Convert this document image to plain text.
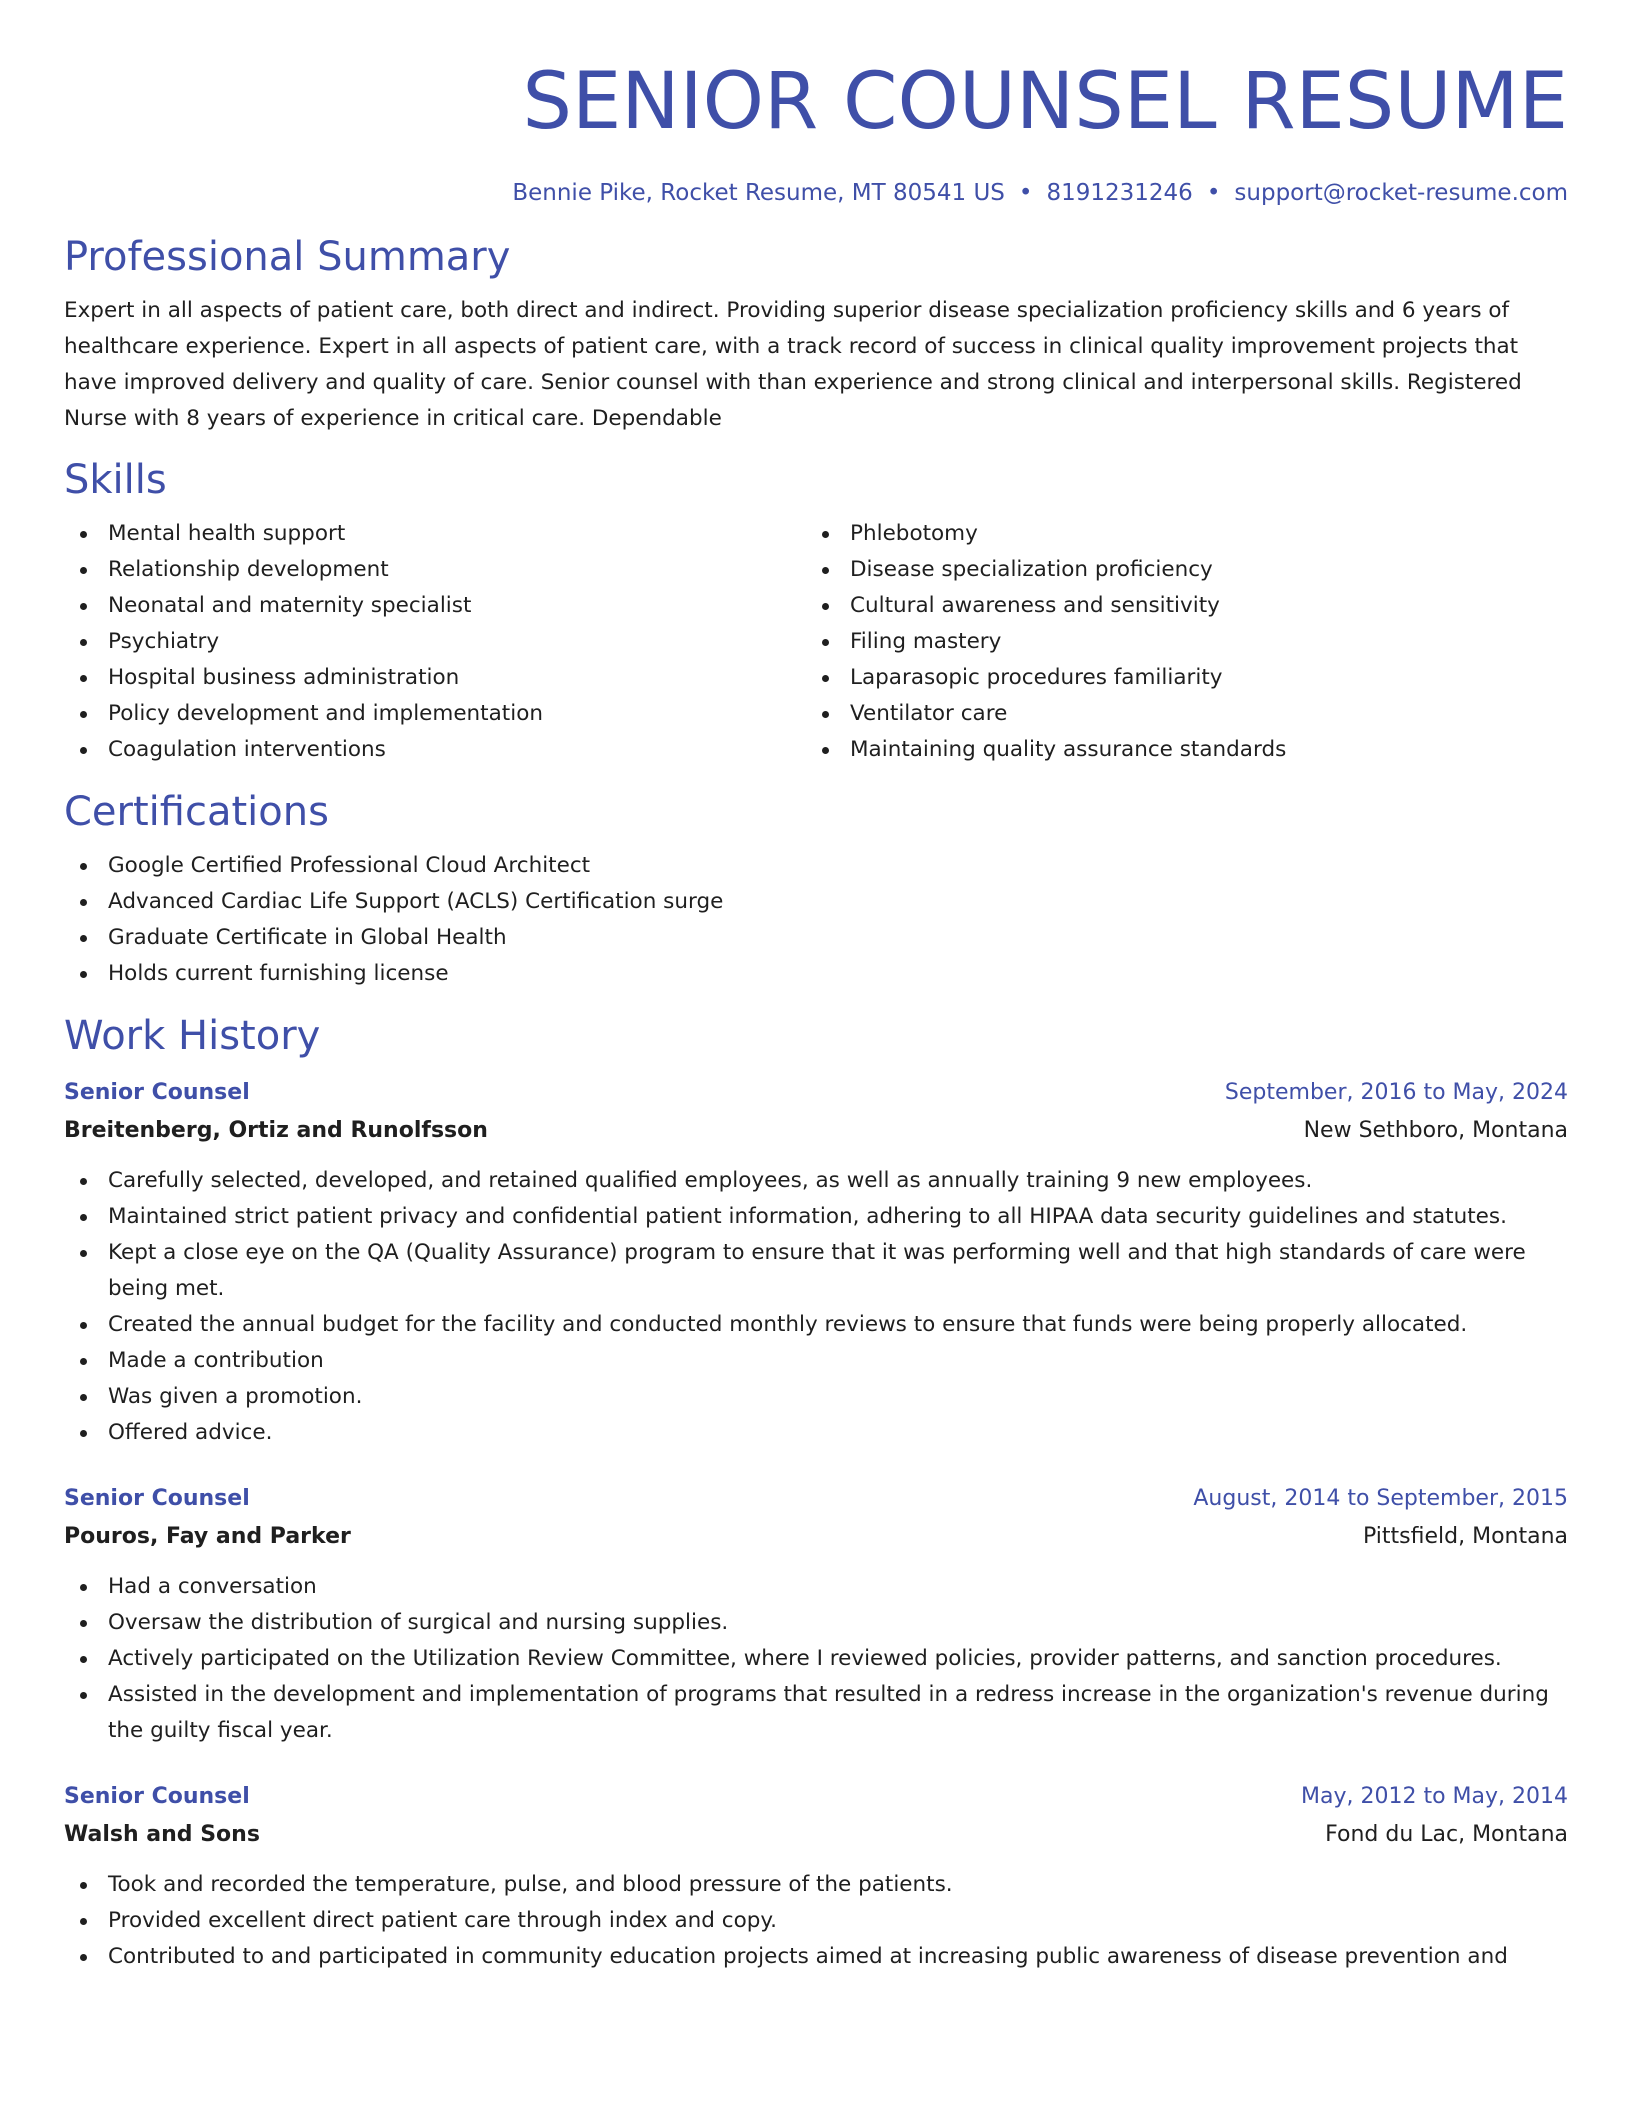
SENIOR COUNSEL RESUME
Bennie Pike, Rocket Resume, MT 80541 US • 8191231246 • support@rocket-resume.com
Professional Summary

Expert in all aspects of patient care, both direct and indirect. Providing superior disease specialization proficiency skills and 6 years of healthcare experience. Expert in all aspects of patient care, with a track record of success in clinical quality improvement projects that have improved delivery and quality of care. Senior counsel with than experience and strong clinical and interpersonal skills. Registered Nurse with 8 years of experience in critical care. Dependable

Skills
Mental health support
Relationship development
Neonatal and maternity specialist
Psychiatry
Hospital business administration
Policy development and implementation
Coagulation interventions
Phlebotomy
Disease specialization proficiency
Cultural awareness and sensitivity
Filing mastery
Laparasopic procedures familiarity
Ventilator care
Maintaining quality assurance standards
Certifications
Google Certified Professional Cloud Architect
Advanced Cardiac Life Support (ACLS) Certification surge
Graduate Certificate in Global Health
Holds current furnishing license
Work History
Senior Counsel	September, 2016 to May, 2024
Breitenberg, Ortiz and Runolfsson	New Sethboro, Montana
Carefully selected, developed, and retained qualified employees, as well as annually training 9 new employees.
Maintained strict patient privacy and confidential patient information, adhering to all HIPAA data security guidelines and statutes.
Kept a close eye on the QA (Quality Assurance) program to ensure that it was performing well and that high standards of care were being met.
Created the annual budget for the facility and conducted monthly reviews to ensure that funds were being properly allocated.
Made a contribution
Was given a promotion.
Offered advice.
Senior Counsel	August, 2014 to September, 2015
Pouros, Fay and Parker	Pittsfield, Montana
Had a conversation
Oversaw the distribution of surgical and nursing supplies.
Actively participated on the Utilization Review Committee, where I reviewed policies, provider patterns, and sanction procedures.
Assisted in the development and implementation of programs that resulted in a redress increase in the organization's revenue during the guilty fiscal year.
Senior Counsel	May, 2012 to May, 2014
Walsh and Sons	Fond du Lac, Montana
Took and recorded the temperature, pulse, and blood pressure of the patients.
Provided excellent direct patient care through index and copy.
Contributed to and participated in community education projects aimed at increasing public awareness of disease prevention and
